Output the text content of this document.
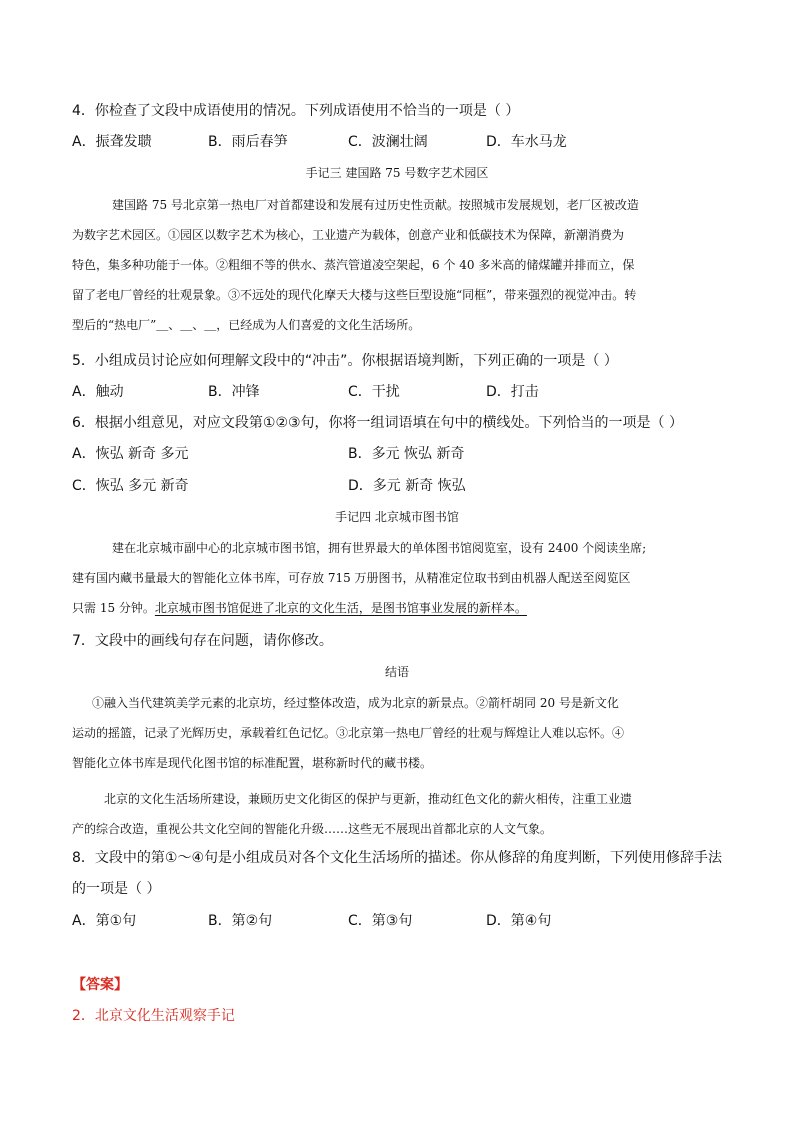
4．你检查了文段中成语使用的情况。下列成语使用不恰当的一项是（ ）
A．振聋发聩	B．雨后春笋	C．波澜壮阔	D．车水马龙
手记三 建国路 75 号数字艺术园区
建国路 75 号北京第一热电厂对首都建设和发展有过历史性贡献。按照城市发展规划，老厂区被改造
为数字艺术园区。①园区以数字艺术为核心，工业遗产为载体，创意产业和低碳技术为保障，新潮消费为
特色，集多种功能于一体。②粗细不等的供水、蒸汽管道凌空架起，6 个 40 多米高的储煤罐并排而立，保
留了老电厂曾经的壮观景象。③不远处的现代化摩天大楼与这些巨型设施“同框”，带来强烈的视觉冲击。转
型后的“热电厂”＿、＿、＿，已经成为人们喜爱的文化生活场所。
5．小组成员讨论应如何理解文段中的“冲击”。你根据语境判断，下列正确的一项是（ ）
A．触动	B．冲锋	C．干扰	D．打击
6．根据小组意见，对应文段第①②③句，你将一组词语填在句中的横线处。下列恰当的一项是（ ）
A．恢弘 新奇 多元	B．多元 恢弘 新奇
C．恢弘 多元 新奇	D．多元 新奇 恢弘
手记四 北京城市图书馆
建在北京城市副中心的北京城市图书馆，拥有世界最大的单体图书馆阅览室，设有 2400 个阅读坐席;
建有国内藏书量最大的智能化立体书库，可存放 715 万册图书，从精准定位取书到由机器人配送至阅览区
只需 15 分钟。北京城市图书馆促进了北京的文化生活，是图书馆事业发展的新样本。
7．文段中的画线句存在问题，请你修改。
结语
①融入当代建筑美学元素的北京坊，经过整体改造，成为北京的新景点。②箭杆胡同 20 号是新文化
运动的摇篮，记录了光辉历史，承载着红色记忆。③北京第一热电厂曾经的壮观与辉煌让人难以忘怀。④
智能化立体书库是现代化图书馆的标准配置，堪称新时代的藏书楼。
北京的文化生活场所建设，兼顾历史文化街区的保护与更新，推动红色文化的薪火相传，注重工业遗
产的综合改造，重视公共文化空间的智能化升级……这些无不展现出首都北京的人文气象。
8．文段中的第①～④句是小组成员对各个文化生活场所的描述。你从修辞的角度判断，下列使用修辞手法
的一项是（ ）
A．第①句	B．第②句	C．第③句	D．第④句
【答案】
2．北京文化生活观察手记
